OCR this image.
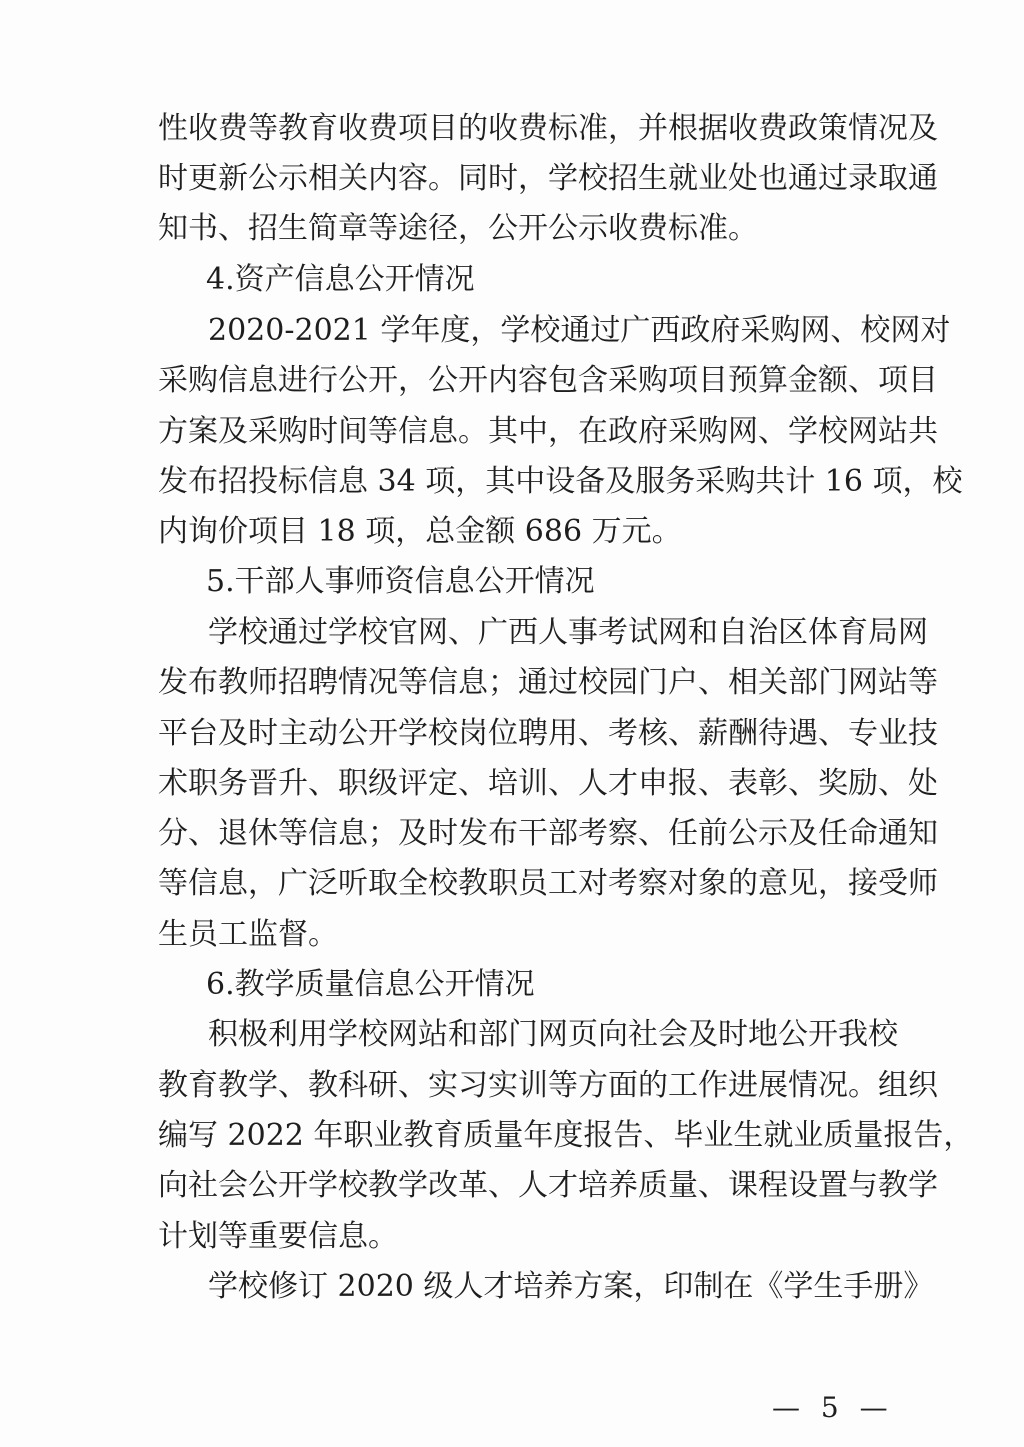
性收费等教育收费项目的收费标准，并根据收费政策情况及
时更新公示相关内容。同时，学校招生就业处也通过录取通
知书、招生简章等途径，公开公示收费标准。
4.资产信息公开情况
2020-2021 学年度，学校通过广西政府采购网、校网对
采购信息进行公开，公开内容包含采购项目预算金额、项目
方案及采购时间等信息。其中，在政府采购网、学校网站共
发布招投标信息 34 项，其中设备及服务采购共计 16 项，校
内询价项目 18 项，总金额 686 万元。
5.干部人事师资信息公开情况
学校通过学校官网、广西人事考试网和自治区体育局网
发布教师招聘情况等信息；通过校园门户、相关部门网站等
平台及时主动公开学校岗位聘用、考核、薪酬待遇、专业技
术职务晋升、职级评定、培训、人才申报、表彰、奖励、处
分、退休等信息；及时发布干部考察、任前公示及任命通知
等信息，广泛听取全校教职员工对考察对象的意见，接受师
生员工监督。
6.教学质量信息公开情况
积极利用学校网站和部门网页向社会及时地公开我校
教育教学、教科研、实习实训等方面的工作进展情况。组织
编写 2022 年职业教育质量年度报告、毕业生就业质量报告，
向社会公开学校教学改革、人才培养质量、课程设置与教学
计划等重要信息。
学校修订 2020 级人才培养方案，印制在《学生手册》
— 5 —
